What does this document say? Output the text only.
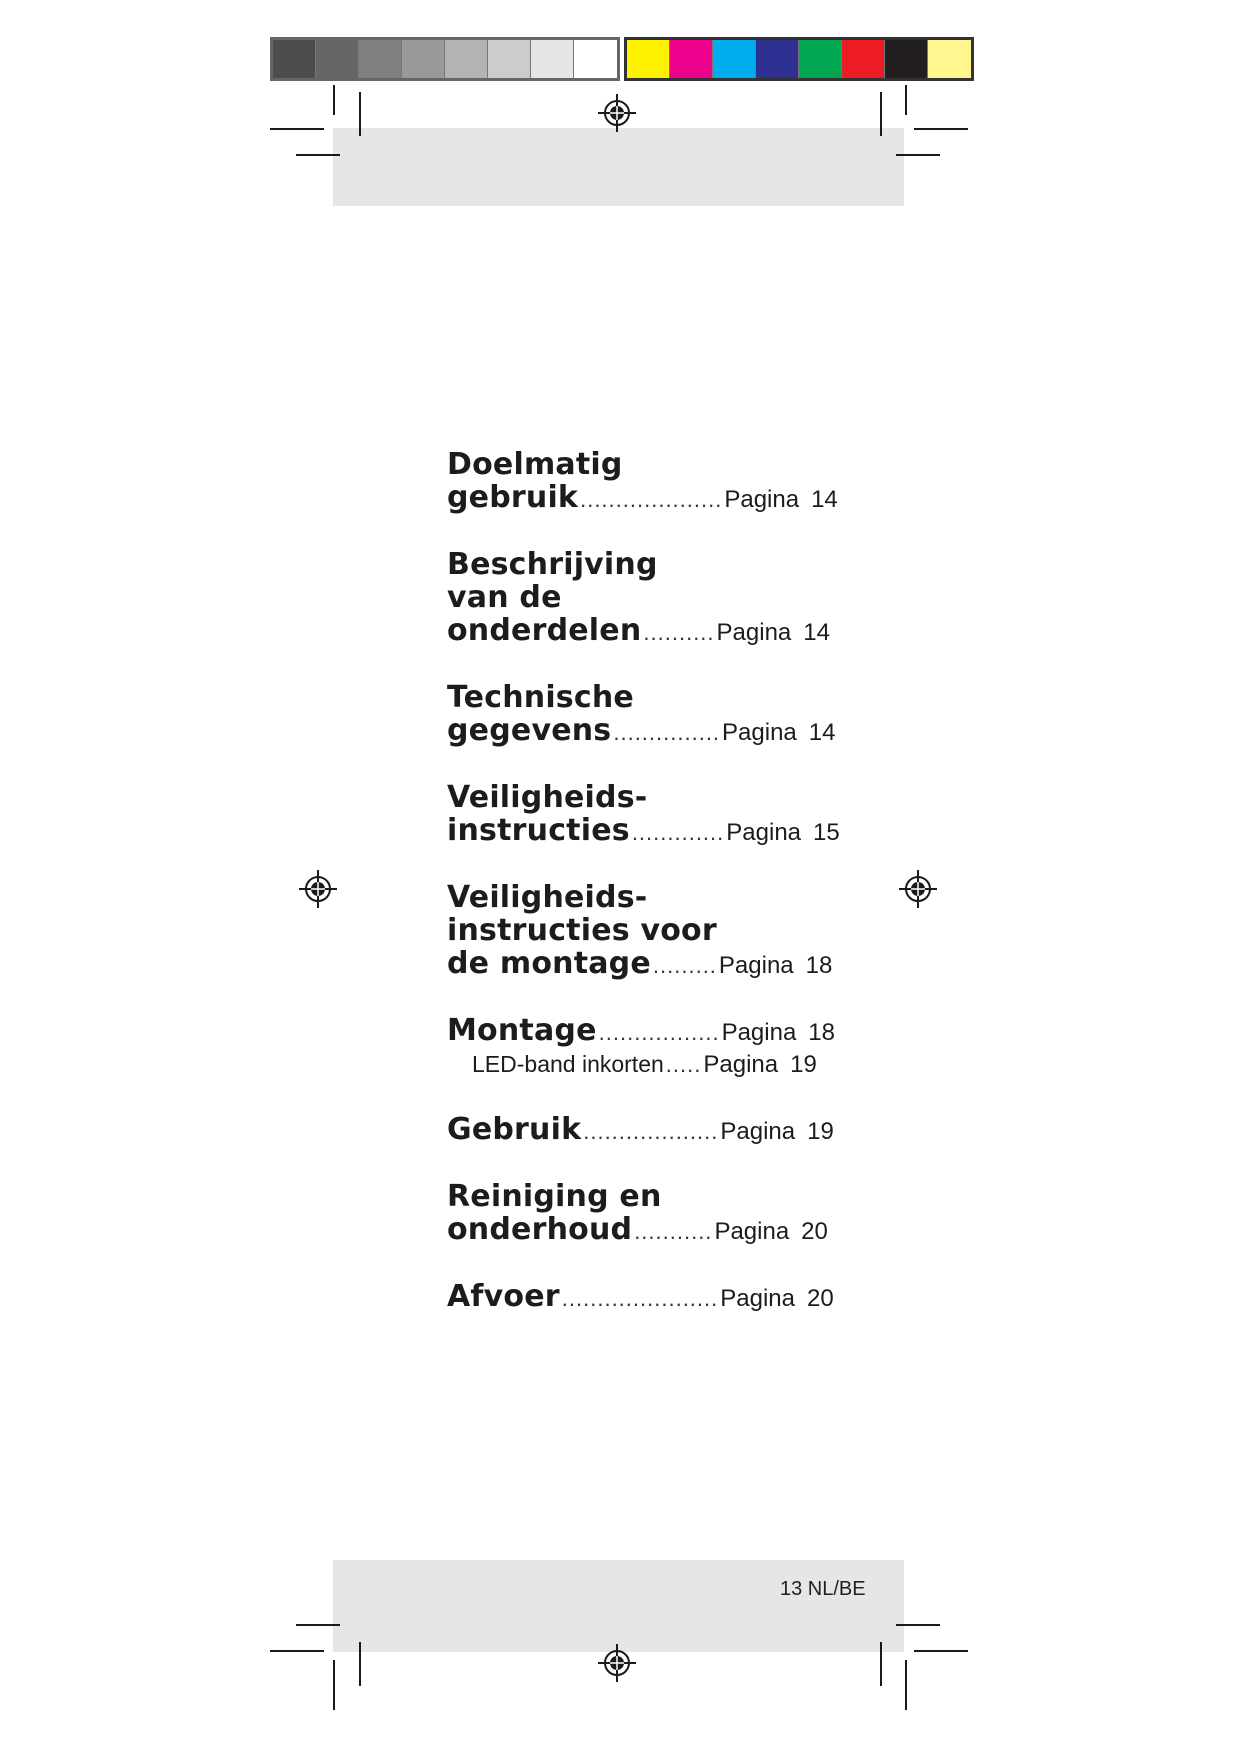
Doelmatig
gebruik .................... Pagina 14
Beschrijving
van de
onderdelen .......... Pagina 14
Technische
gegevens ............... Pagina 14
Veiligheids-
instructies ............. Pagina 15
Veiligheids-
instructies voor
de montage ......... Pagina 18
Montage ................. Pagina 18
LED-band inkorten ..... Pagina 19
Gebruik ................... Pagina 19
Reiniging en
onderhoud ........... Pagina 20
Afvoer ...................... Pagina 20
13 NL/BE
